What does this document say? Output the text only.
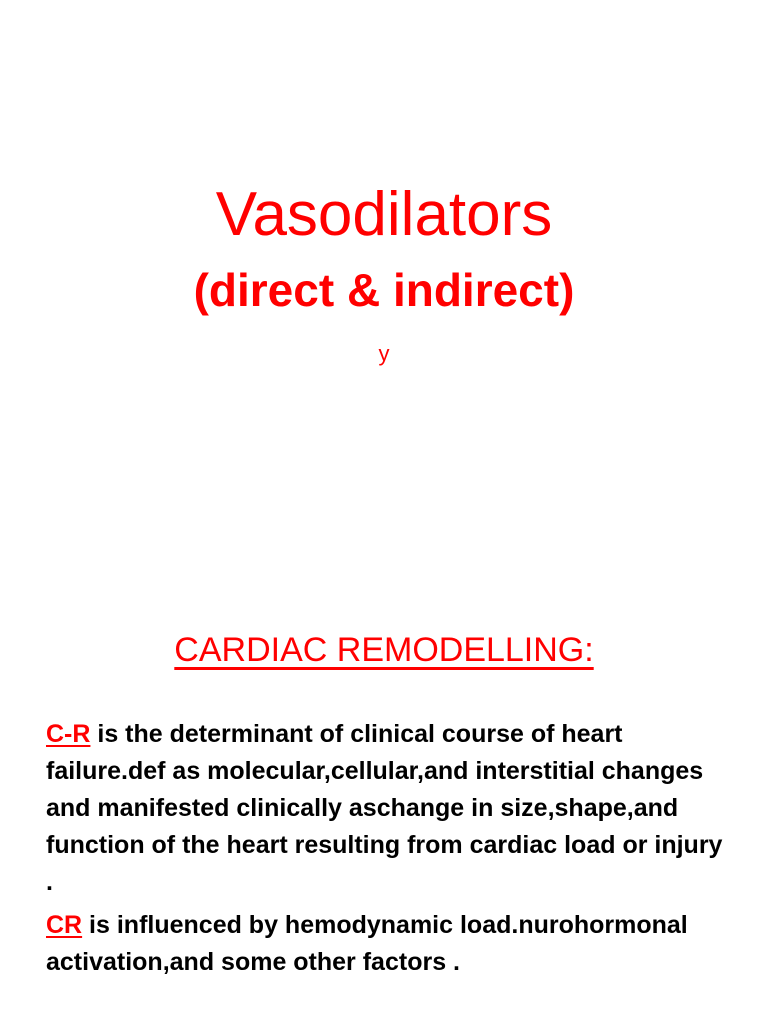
Vasodilators
(direct & indirect)
y
CARDIAC REMODELLING:

C-R is the determinant of clinical course of heart failure.def as molecular,cellular,and interstitial changes and manifested clinically aschange in size,shape,and function of the heart resulting from cardiac load or injury .

CR is influenced by hemodynamic load.nurohormonal activation,and some other factors .
